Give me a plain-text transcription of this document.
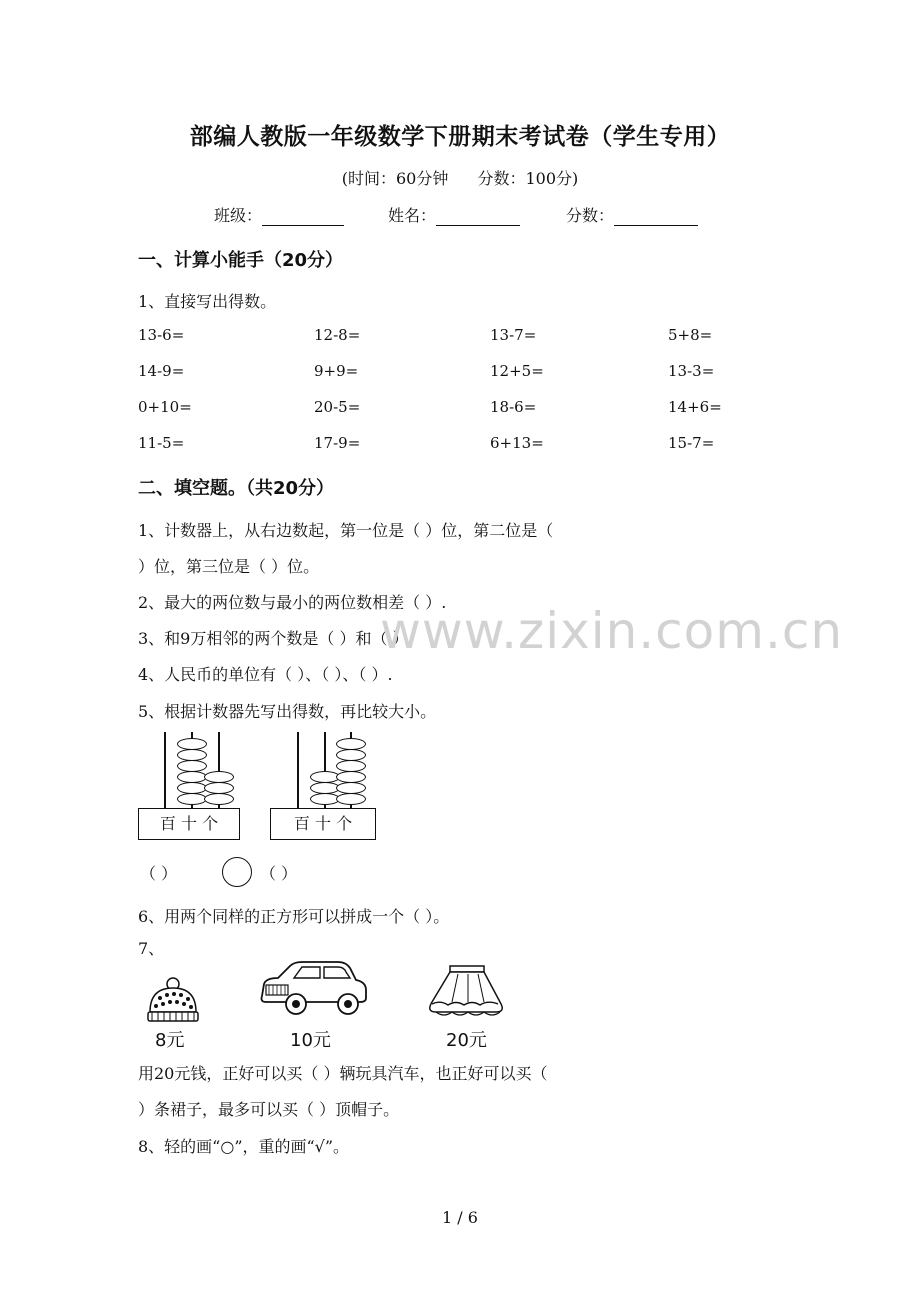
部编人教版一年级数学下册期末考试卷（学生专用）
(时间：60分钟 分数：100分)
班级：	姓名：	分数：
一、计算小能手（20分）
1、直接写出得数。
13-6=	12-8=	13-7=	5+8=
14-9=	9+9=	12+5=	13-3=
0+10=	20-5=	18-6=	14+6=
11-5=	17-9=	6+13=	15-7=
二、填空题。（共20分）
1、计数器上，从右边数起，第一位是（ ）位，第二位是（
）位，第三位是（ ）位。
2、最大的两位数与最小的两位数相差（ ）.
3、和9万相邻的两个数是（ ）和（ ）.
4、人民币的单位有（ ）、（ ）、（ ）.
5、根据计数器先写出得数，再比较大小。
www.zixin.com.cn
百 十 个	百 十 个
（ ）	（ ）
6、用两个同样的正方形可以拼成一个（ ）。
7、
8元	10元	20元
用20元钱，正好可以买（ ）辆玩具汽车，也正好可以买（
）条裙子，最多可以买（ ）顶帽子。
8、轻的画“○”，重的画“√”。
1 / 6
